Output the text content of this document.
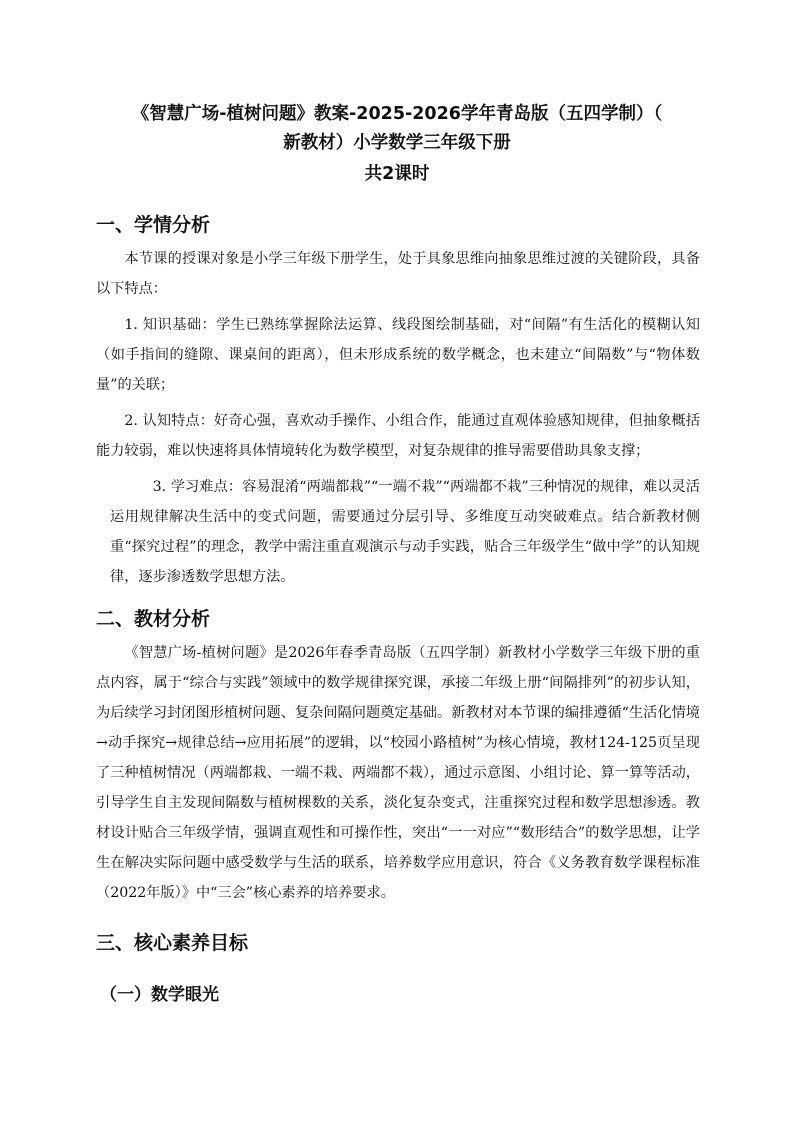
《智慧广场-植树问题》教案-2025-2026学年青岛版（五四学制）（
新教材）小学数学三年级下册
共2课时
一、学情分析
本节课的授课对象是小学三年级下册学生，处于具象思维向抽象思维过渡的关键阶段，具备以下特点：
1. 知识基础：学生已熟练掌握除法运算、线段图绘制基础，对“间隔”有生活化的模糊认知（如手指间的缝隙、课桌间的距离），但未形成系统的数学概念，也未建立“间隔数”与“物体数量”的关联；
2. 认知特点：好奇心强，喜欢动手操作、小组合作，能通过直观体验感知规律，但抽象概括能力较弱，难以快速将具体情境转化为数学模型，对复杂规律的推导需要借助具象支撑；
3. 学习难点：容易混淆“两端都栽”“一端不栽”“两端都不栽”三种情况的规律，难以灵活运用规律解决生活中的变式问题，需要通过分层引导、多维度互动突破难点。结合新教材侧重“探究过程”的理念，教学中需注重直观演示与动手实践，贴合三年级学生“做中学”的认知规律，逐步渗透数学思想方法。
二、教材分析
《智慧广场-植树问题》是2026年春季青岛版（五四学制）新教材小学数学三年级下册的重点内容，属于“综合与实践”领域中的数学规律探究课，承接二年级上册“间隔排列”的初步认知，为后续学习封闭图形植树问题、复杂间隔问题奠定基础。新教材对本节课的编排遵循“生活化情境→动手探究→规律总结→应用拓展”的逻辑，以“校园小路植树”为核心情境，教材124-125页呈现了三种植树情况（两端都栽、一端不栽、两端都不栽），通过示意图、小组讨论、算一算等活动，引导学生自主发现间隔数与植树棵数的关系，淡化复杂变式，注重探究过程和数学思想渗透。教材设计贴合三年级学情，强调直观性和可操作性，突出“一一对应”“数形结合”的数学思想，让学生在解决实际问题中感受数学与生活的联系，培养数学应用意识，符合《义务教育数学课程标准（2022年版）》中“三会”核心素养的培养要求。
三、核心素养目标
（一）数学眼光
